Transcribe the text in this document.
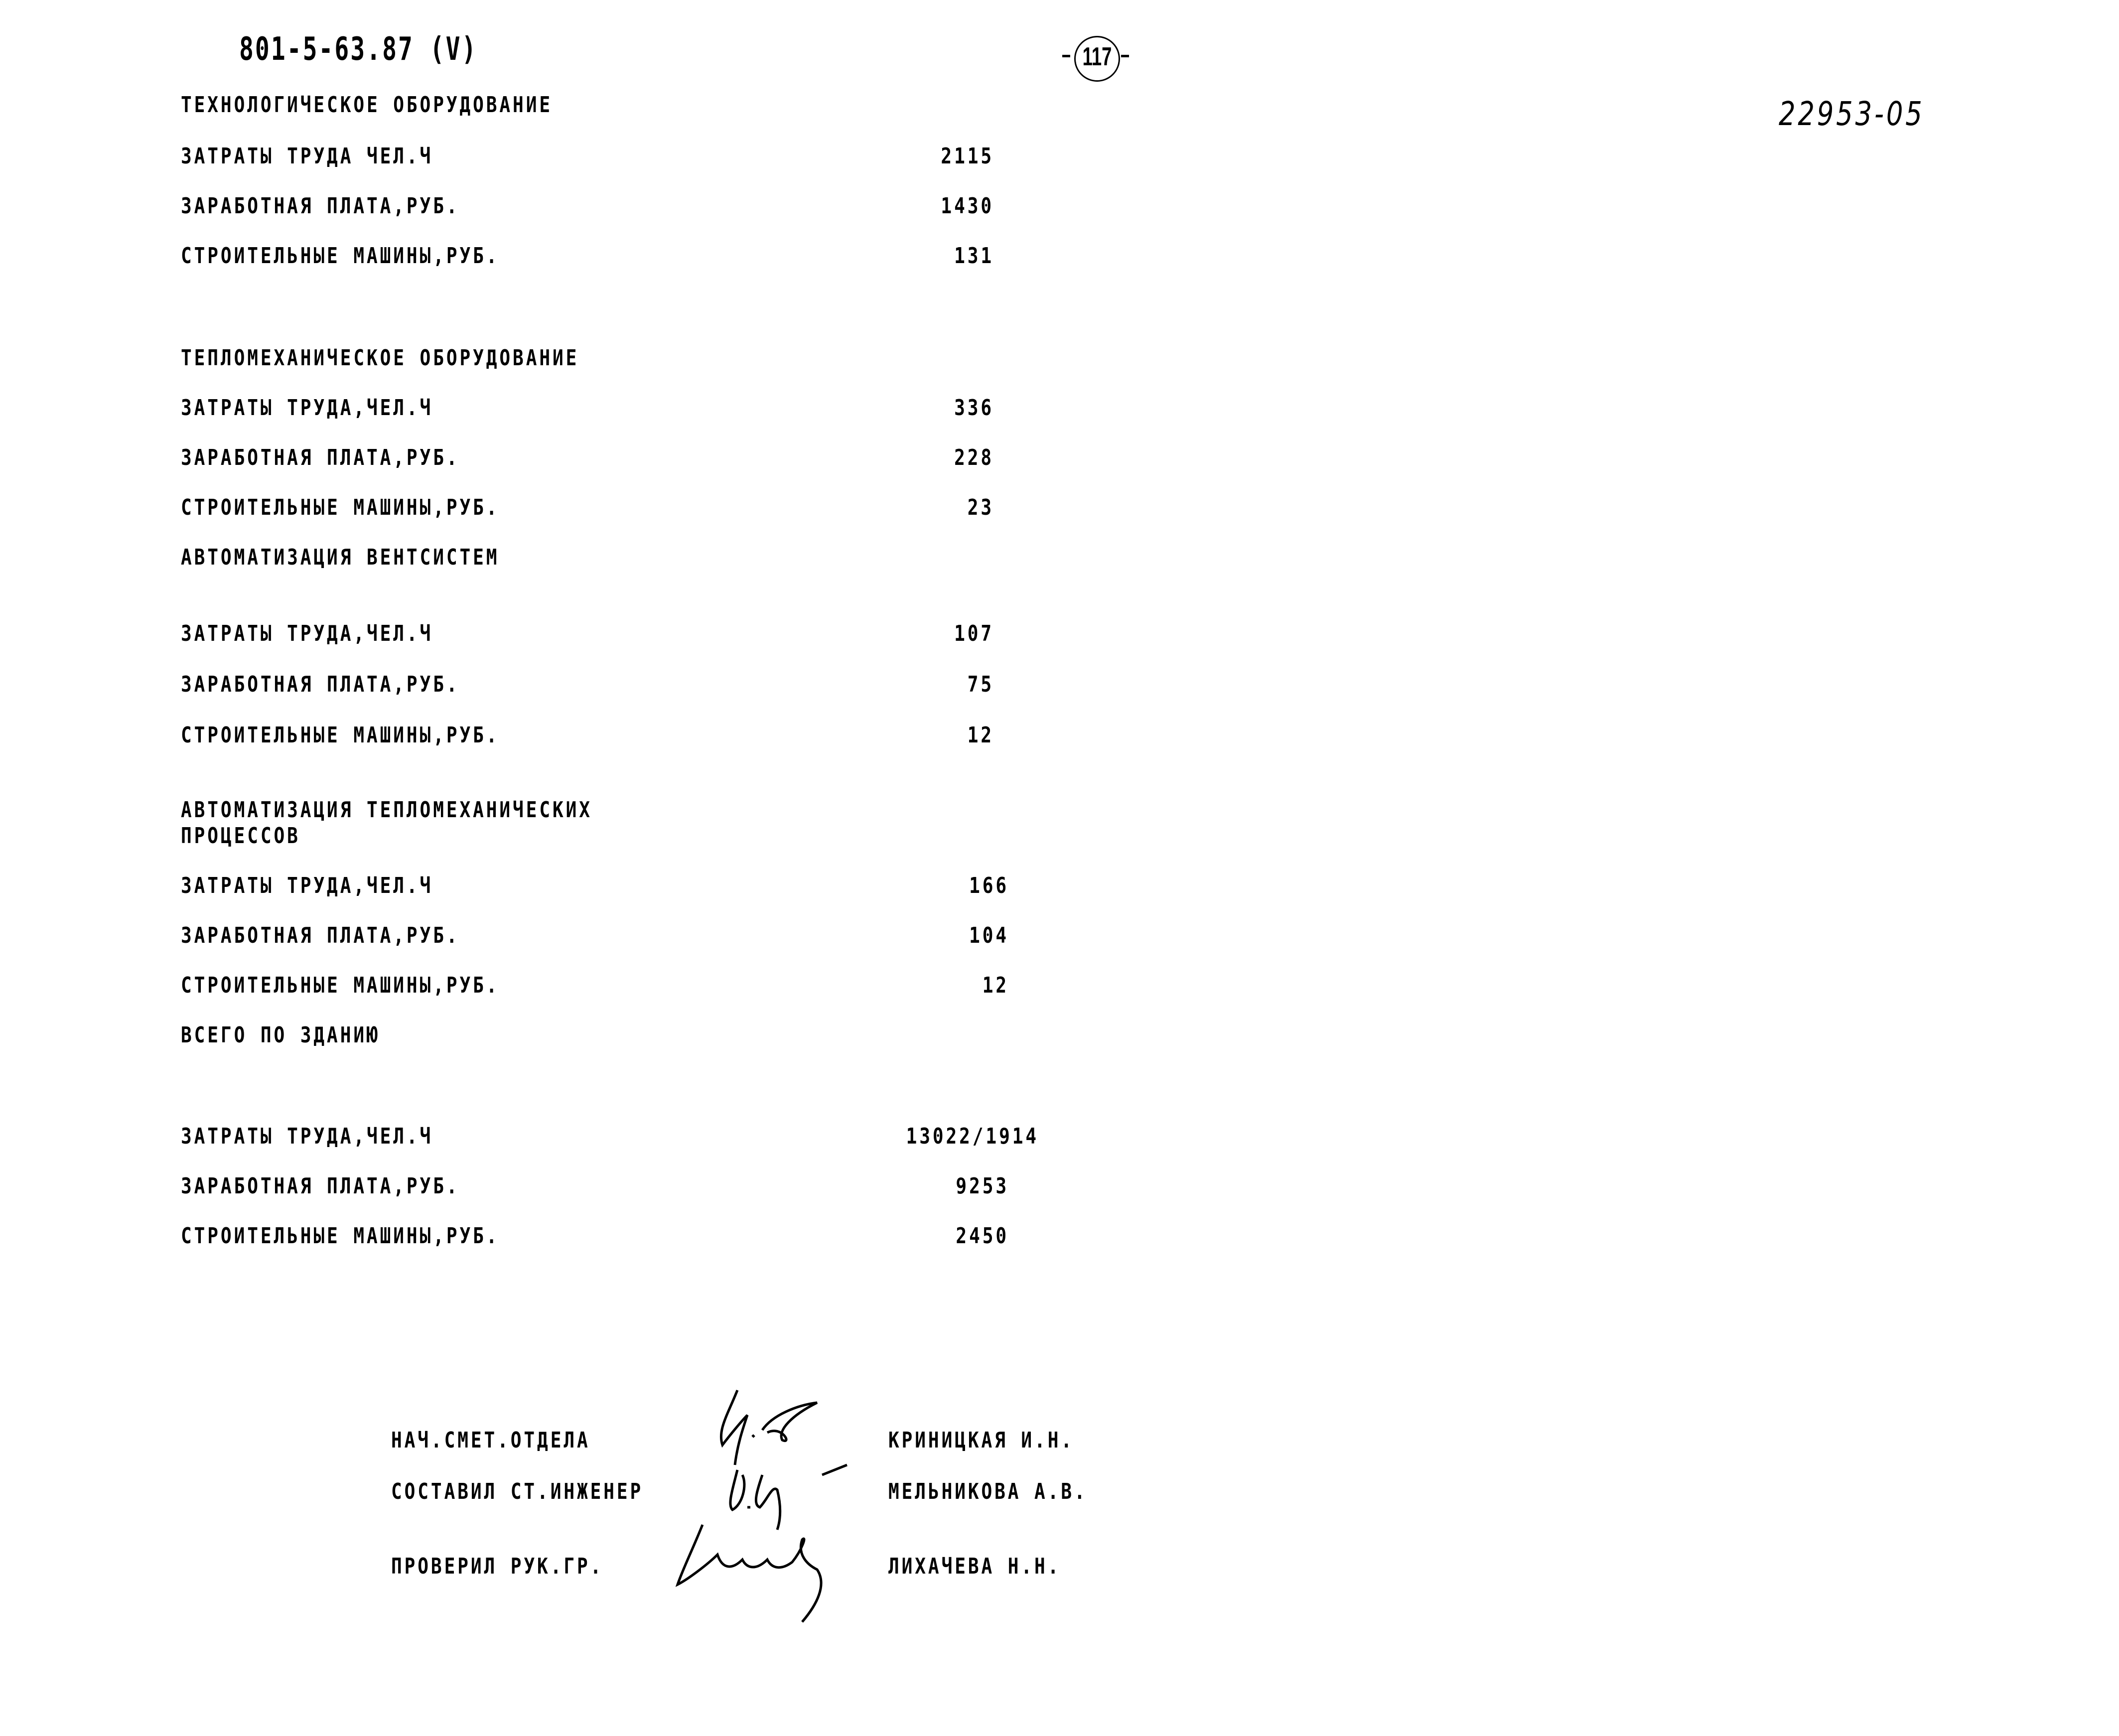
801-5-63.87 (V)	117
22953-05
ТЕХНОЛОГИЧЕСКОЕ ОБОРУДОВАНИЕ
ЗАТРАТЫ ТРУДА ЧЕЛ.Ч	2115
ЗАРАБОТНАЯ ПЛАТА,РУБ.	1430
СТРОИТЕЛЬНЫЕ МАШИНЫ,РУБ.	131
ТЕПЛОМЕХАНИЧЕСКОЕ ОБОРУДОВАНИЕ
ЗАТРАТЫ ТРУДА,ЧЕЛ.Ч	336
ЗАРАБОТНАЯ ПЛАТА,РУБ.	228
СТРОИТЕЛЬНЫЕ МАШИНЫ,РУБ.	23
АВТОМАТИЗАЦИЯ ВЕНТСИСТЕМ
ЗАТРАТЫ ТРУДА,ЧЕЛ.Ч	107
ЗАРАБОТНАЯ ПЛАТА,РУБ.	75
СТРОИТЕЛЬНЫЕ МАШИНЫ,РУБ.	12
АВТОМАТИЗАЦИЯ ТЕПЛОМЕХАНИЧЕСКИХ
ПРОЦЕССОВ
ЗАТРАТЫ ТРУДА,ЧЕЛ.Ч	166
ЗАРАБОТНАЯ ПЛАТА,РУБ.	104
СТРОИТЕЛЬНЫЕ МАШИНЫ,РУБ.	12
ВСЕГО ПО ЗДАНИЮ
ЗАТРАТЫ ТРУДА,ЧЕЛ.Ч	13022/1914
ЗАРАБОТНАЯ ПЛАТА,РУБ.	9253
СТРОИТЕЛЬНЫЕ МАШИНЫ,РУБ.	2450
НАЧ.СМЕТ.ОТДЕЛА	КРИНИЦКАЯ И.Н.
СОСТАВИЛ СТ.ИНЖЕНЕР	МЕЛЬНИКОВА А.В.
ПРОВЕРИЛ РУК.ГР.	ЛИХАЧЕВА Н.Н.
